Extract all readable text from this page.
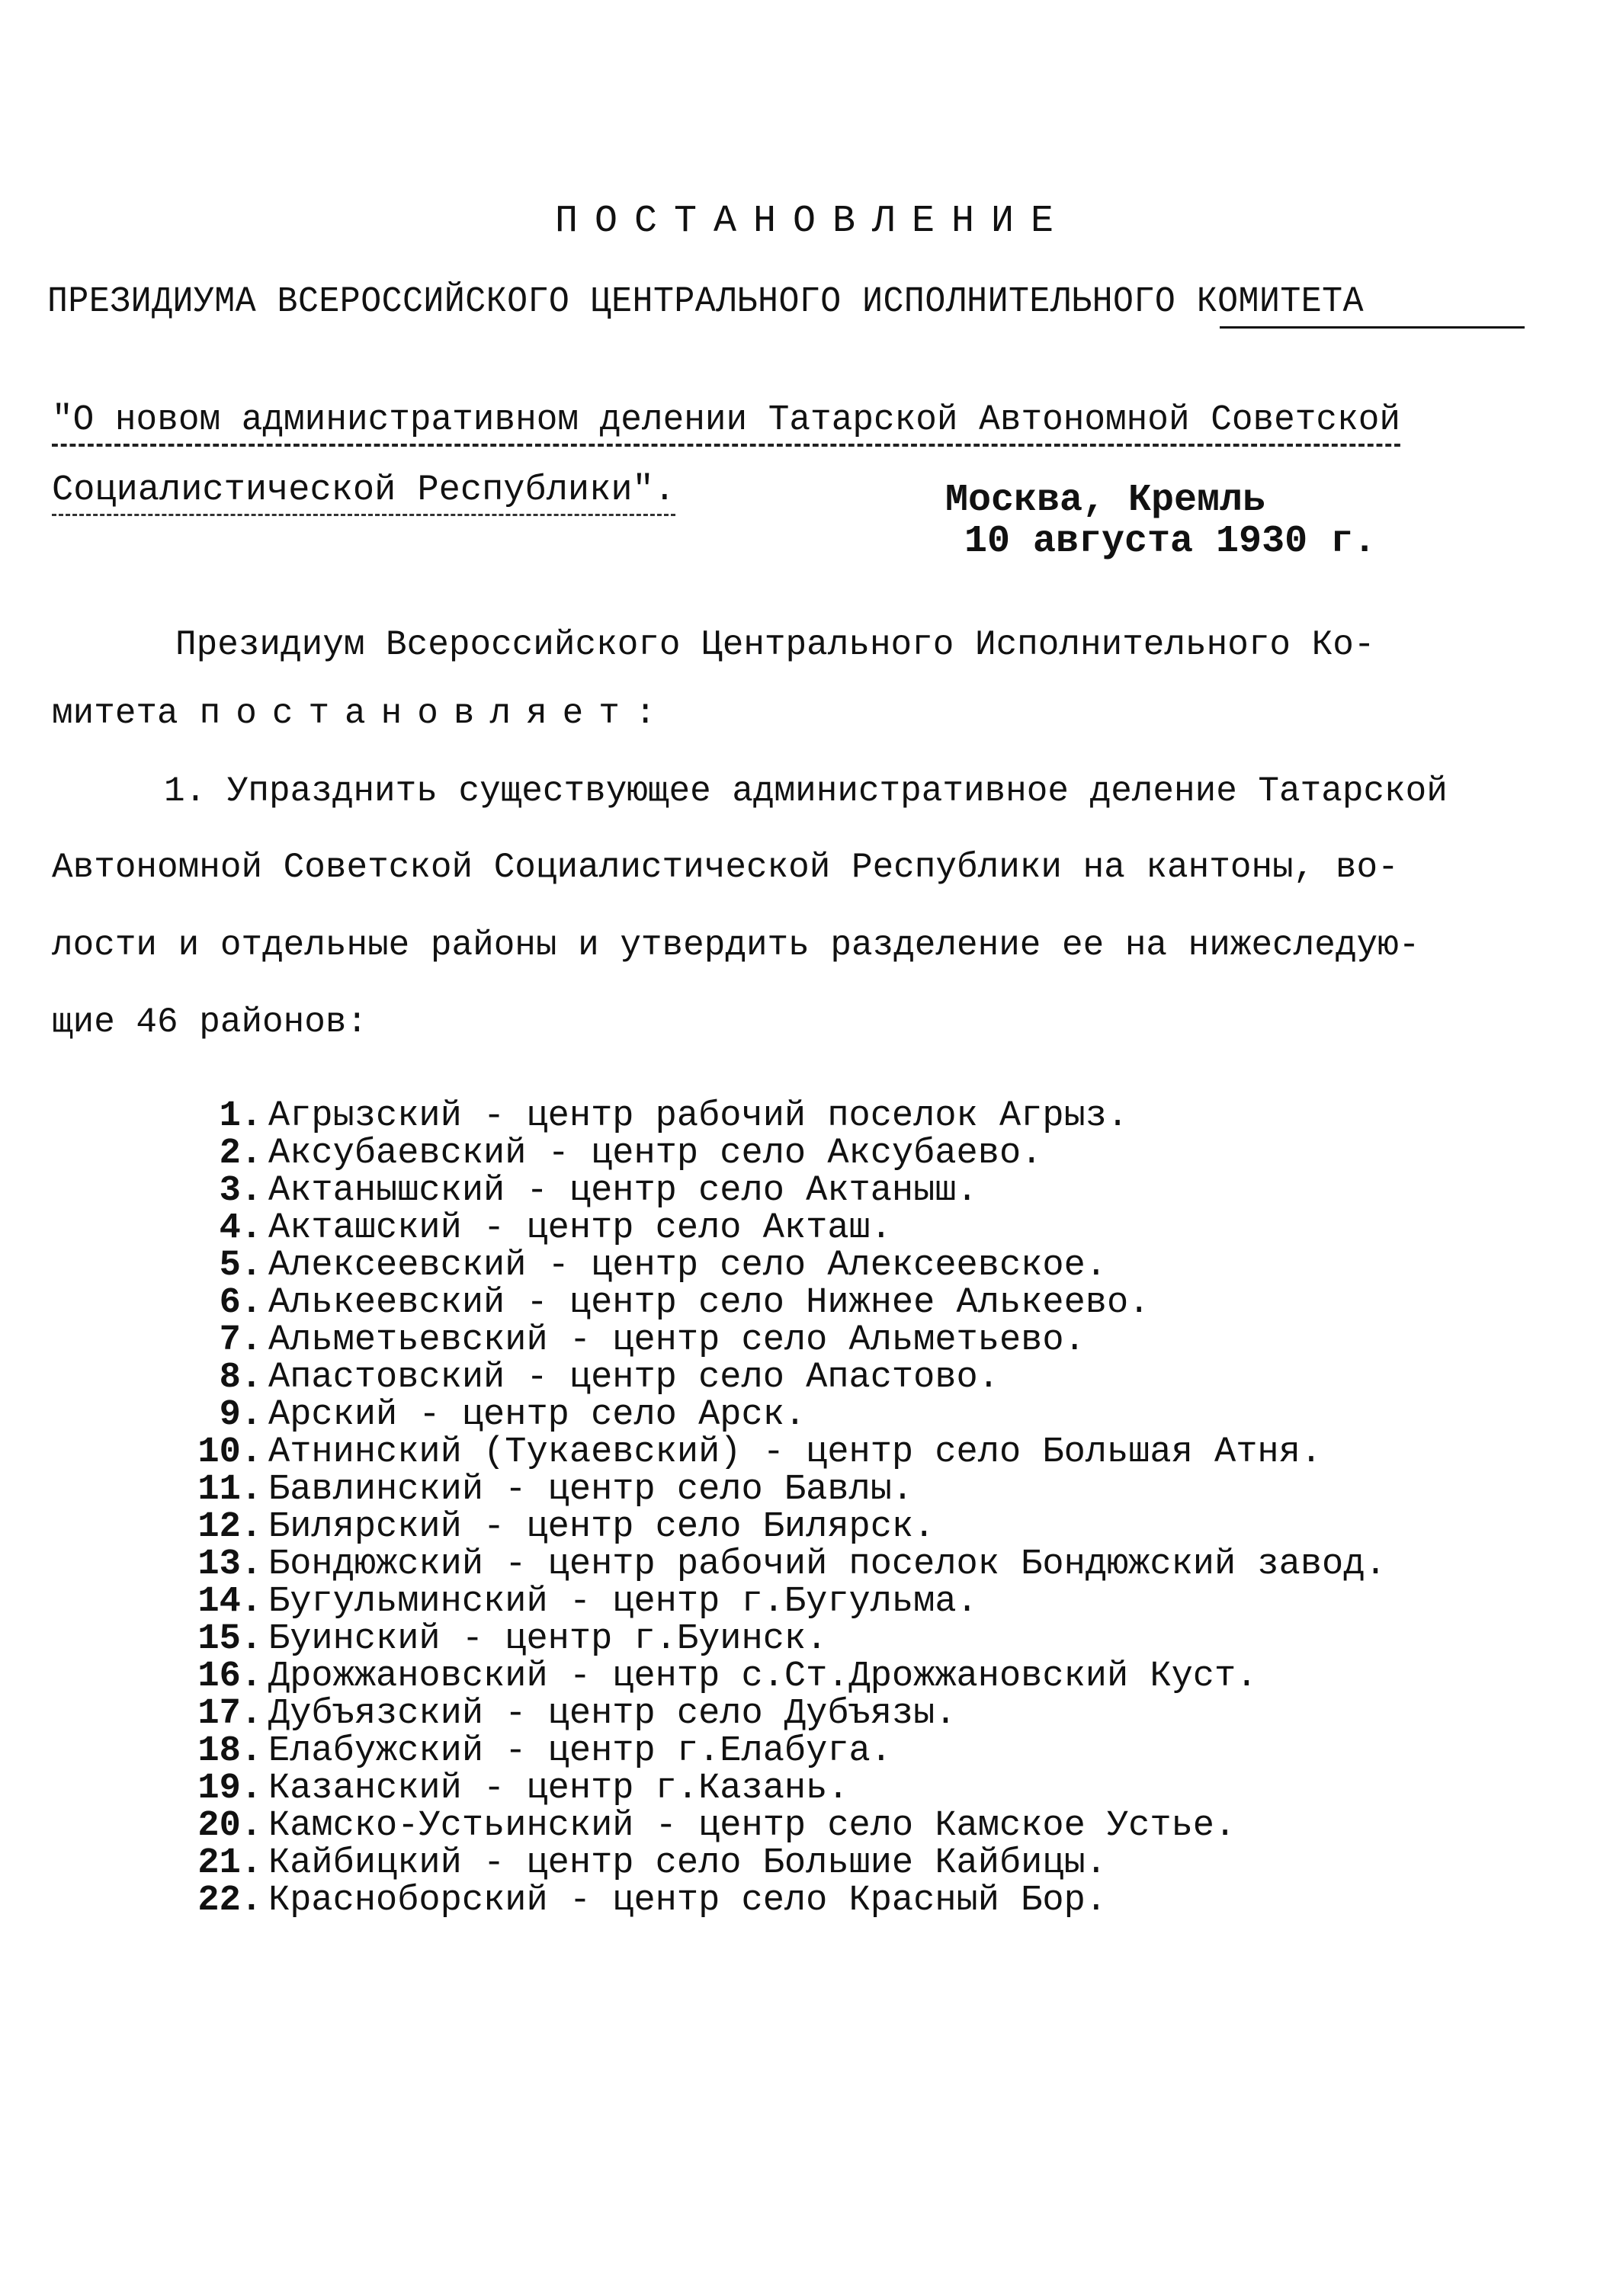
ПОСТАНОВЛЕНИЕ
ПРЕЗИДИУМА ВСЕРОССИЙСКОГО ЦЕНТРАЛЬНОГО ИСПОЛНИТЕЛЬНОГО КОМИТЕТА
"О новом административном делении Татарской Автономной Советской
Социалистической Республики".	Москва, Кремль
10 августа 1930 г.
Президиум Всероссийского Центрального Исполнительного Ко-
митета постановляет:
1. Упразднить существующее административное деление Татарской
Автономной Советской Социалистической Республики на кантоны, во-
лости и отдельные районы и утвердить разделение ее на нижеследую-
щие 46 районов:
1. Агрызский - центр рабочий поселок Агрыз.
2. Аксубаевский - центр село Аксубаево.
3. Актанышский - центр село Актаныш.
4. Акташский - центр село Акташ.
5. Алексеевский - центр село Алексеевское.
6. Алькеевский - центр село Нижнее Алькеево.
7. Альметьевский - центр село Альметьево.
8. Апастовский - центр село Апастово.
9. Арский - центр село Арск.
10. Атнинский (Тукаевский) - центр село Большая Атня.
11. Бавлинский - центр село Бавлы.
12. Билярский - центр село Билярск.
13. Бондюжский - центр рабочий поселок Бондюжский завод.
14. Бугульминский - центр г.Бугульма.
15. Буинский - центр г.Буинск.
16. Дрожжановский - центр с.Ст.Дрожжановский Куст.
17. Дубъязский - центр село Дубъязы.
18. Елабужский - центр г.Елабуга.
19. Казанский - центр г.Казань.
20. Камско-Устьинский - центр село Камское Устье.
21. Кайбицкий - центр село Большие Кайбицы.
22. Красноборский - центр село Красный Бор.
